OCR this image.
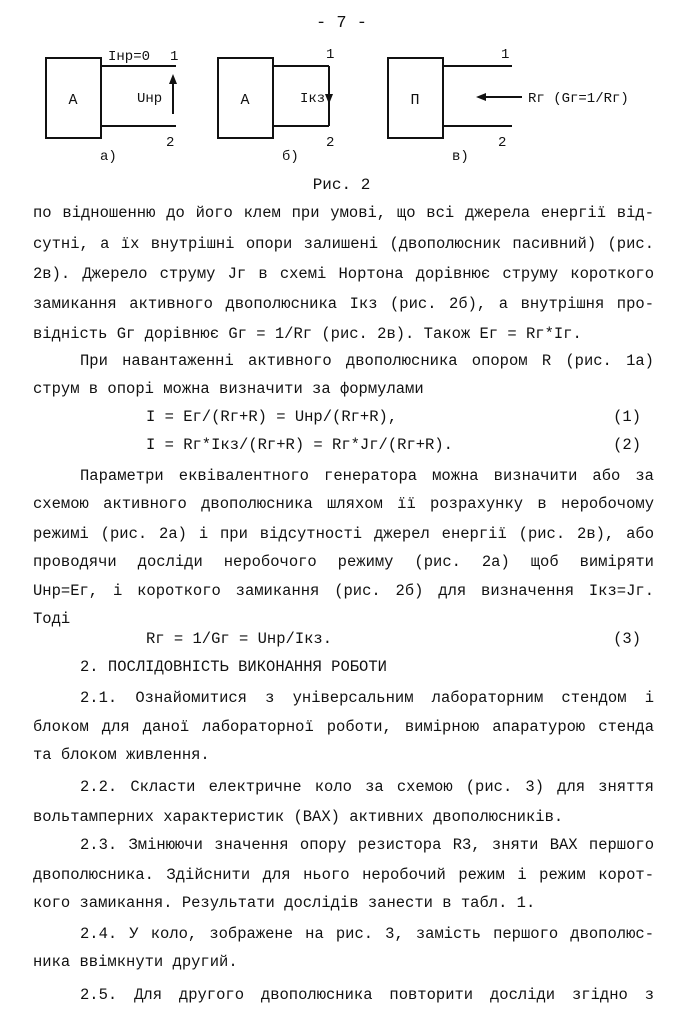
- 7 -
A
Iнр=0 1
2
Uнр
а)
A
1
2
Iкз
б)
П
1
2
Rг (Gг=1/Rг)
в)
Рис. 2
по відношенню до його клем при умові, що всі джерела енергії від-
сутні, а їх внутрішні опори залишені (двополюсник пасивний) (рис.
2в). Джерело струму Jг в схемі Нортона дорівнює струму короткого
замикання активного двополюсника Iкз (рис. 2б), а внутрішня про-
відність Gг дорівнює Gг = 1/Rг (рис. 2в). Також Eг = Rг*Iг.
При навантаженні активного двополюсника опором R (рис. 1а)
струм в опорі можна визначити за формулами
I = Eг/(Rг+R) = Uнр/(Rг+R),	(1)
I = Rг*Iкз/(Rг+R) = Rг*Jг/(Rг+R).	(2)
Параметри еквівалентного генератора можна визначити або за
схемою активного двополюсника шляхом її розрахунку в неробочому
режимі (рис. 2а) і при відсутності джерел енергії (рис. 2в), або
проводячи досліди неробочого режиму (рис. 2а) щоб виміряти
Uнр=Eг, і короткого замикання (рис. 2б) для визначення Iкз=Jг.
Тоді
Rг = 1/Gг = Uнр/Iкз.	(3)
2. ПОСЛІДОВНІСТЬ ВИКОНАННЯ РОБОТИ
2.1. Ознайомитися з універсальним лабораторним стендом і
блоком для даної лабораторної роботи, вимірною апаратурою стенда
та блоком живлення.
2.2. Скласти електричне коло за схемою (рис. 3) для зняття
вольтамперних характеристик (ВАХ) активних двополюсників.
2.3. Змінюючи значення опору резистора R3, зняти ВАХ першого
двополюсника. Здійснити для нього неробочий режим і режим корот-
кого замикання. Результати дослідів занести в табл. 1.
2.4. У коло, зображене на рис. 3, замість першого двополюс-
ника ввімкнути другий.
2.5. Для другого двополюсника повторити досліди згідно з
